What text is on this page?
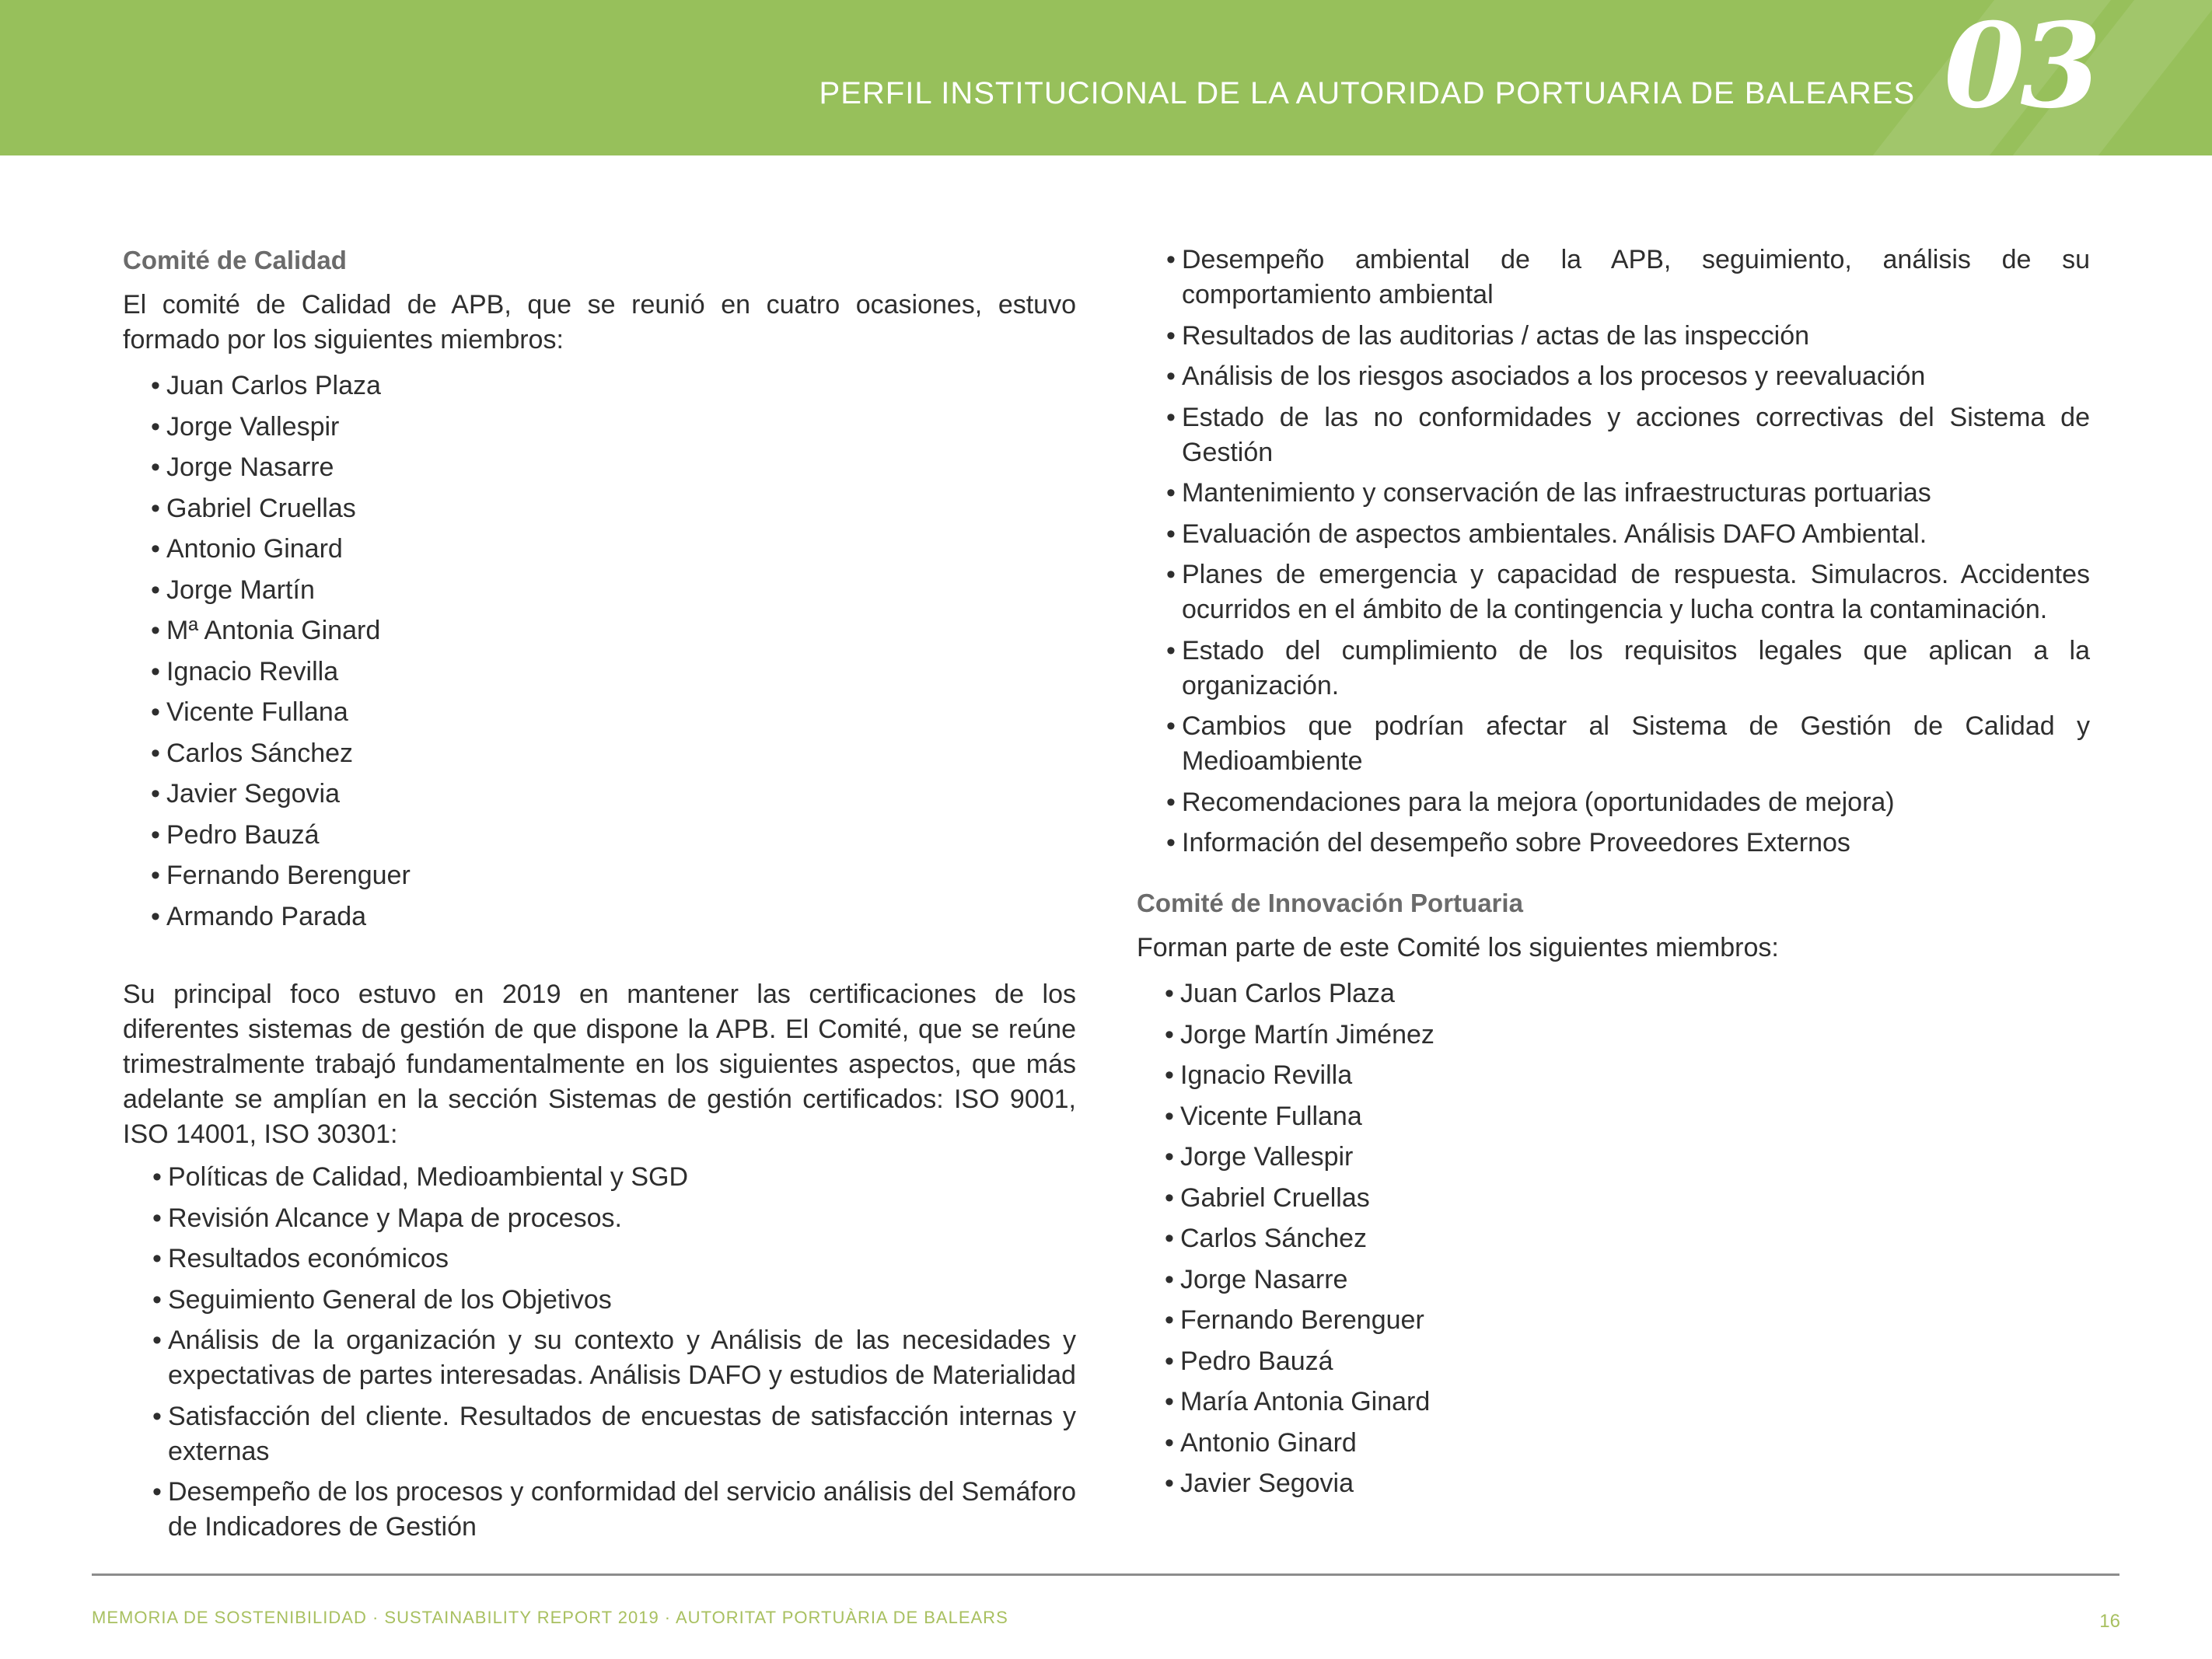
PERFIL INSTITUCIONAL DE LA AUTORIDAD PORTUARIA DE BALEARES 03
Comité de Calidad

El comité de Calidad de APB, que se reunió en cuatro ocasiones, estuvo formado por los siguientes miembros:

• Juan Carlos Plaza
• Jorge Vallespir
• Jorge Nasarre
• Gabriel Cruellas
• Antonio Ginard
• Jorge Martín
• Mª Antonia Ginard
• Ignacio Revilla
• Vicente Fullana
• Carlos Sánchez
• Javier Segovia
• Pedro Bauzá
• Fernando Berenguer
• Armando Parada

Su principal foco estuvo en 2019 en mantener las certificaciones de los diferentes sistemas de gestión de que dispone la APB. El Comité, que se reúne trimestralmente trabajó fundamentalmente en los siguientes aspectos, que más adelante se amplían en la sección Sistemas de gestión certificados: ISO 9001, ISO 14001, ISO 30301:

• Políticas de Calidad, Medioambiental y SGD
• Revisión Alcance y Mapa de procesos.
• Resultados económicos
• Seguimiento General de los Objetivos
• Análisis de la organización y su contexto y Análisis de las necesidades y expectativas de partes interesadas. Análisis DAFO y estudios de Materialidad
• Satisfacción del cliente. Resultados de encuestas de satisfacción internas y externas
• Desempeño de los procesos y conformidad del servicio análisis del Semáforo de Indicadores de Gestión
• Desempeño ambiental de la APB, seguimiento, análisis de su comportamiento ambiental
• Resultados de las auditorias / actas de las inspección
• Análisis de los riesgos asociados a los procesos y reevaluación
• Estado de las no conformidades y acciones correctivas del Sistema de Gestión
• Mantenimiento y conservación de las infraestructuras portuarias
• Evaluación de aspectos ambientales. Análisis DAFO Ambiental.
• Planes de emergencia y capacidad de respuesta. Simulacros. Accidentes ocurridos en el ámbito de la contingencia y lucha contra la contaminación.
• Estado del cumplimiento de los requisitos legales que aplican a la organización.
• Cambios que podrían afectar al Sistema de Gestión de Calidad y Medioambiente
• Recomendaciones para la mejora (oportunidades de mejora)
• Información del desempeño sobre Proveedores Externos
Comité de Innovación Portuaria

Forman parte de este Comité los siguientes miembros:

• Juan Carlos Plaza
• Jorge Martín Jiménez
• Ignacio Revilla
• Vicente Fullana
• Jorge Vallespir
• Gabriel Cruellas
• Carlos Sánchez
• Jorge Nasarre
• Fernando Berenguer
• Pedro Bauzá
• María Antonia Ginard
• Antonio Ginard
• Javier Segovia
MEMORIA DE SOSTENIBILIDAD · SUSTAINABILITY REPORT 2019 · AUTORITAT PORTUÀRIA DE BALEARS	16
